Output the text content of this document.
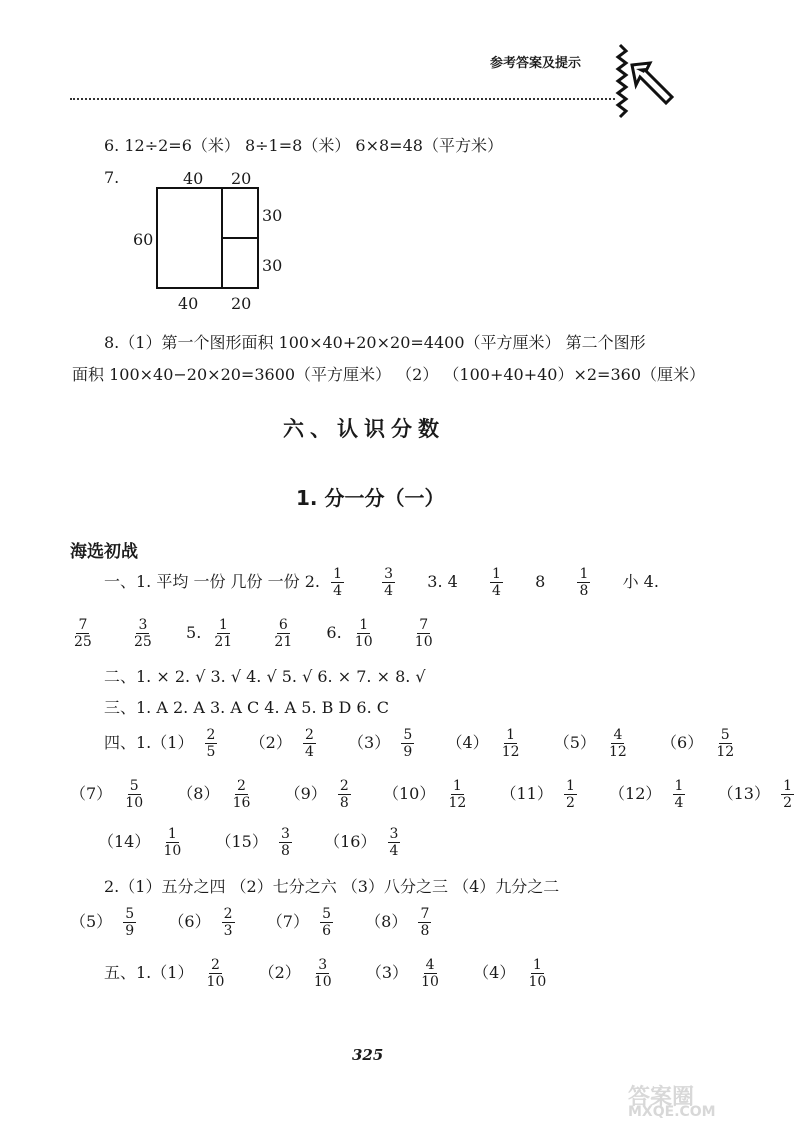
参考答案及提示
6. 12÷2=6（米） 8÷1=8（米） 6×8=48（平方米）
7.	40 20
60
30
30
40 20
8.（1）第一个图形面积 100×40+20×20=4400（平方厘米） 第二个图形
面积 100×40−20×20=3600（平方厘米） （2） （100+40+40）×2=360（厘米）
六、认识分数
1. 分一分（一）
海选初战
一、1. 平均 一份 几份 一份 2. $\frac{1}{4}$
	$\frac{3}{4} 3$. $4 \frac{1}{4} 8 \frac{1}{8}$ 小 4.
$\frac{7}{25}$
	$\frac{3}{25} 5$. $\frac{1}{21}$
	$\frac{6}{21} 6$. $\frac{1}{10}$
	$\frac{7}{10}$
二、1. × 2. √ 3. √ 4. √ 5. √ 6. × 7. × 8. √
三、1. A 2. A 3. A C 4. A 5. B D 6. C
四、$1.(1) \frac{2}{5} (2) \frac{2}{4} (3) \frac{5}{9} (4) \frac{1}{12} (5) \frac{4}{12} (6) \frac{5}{12}$
$(7) \frac{5}{10} (8) \frac{2}{16} (9) \frac{2}{8} (10) \frac{1}{12} (11) \frac{1}{2} (12) \frac{1}{4} (13) \frac{1}{2}$
$(14) \frac{1}{10} (15) \frac{3}{8} (16) \frac{3}{4}$
2.（1）五分之四 （2）七分之六 （3）八分之三 （4）九分之二
$(5) \frac{5}{9} (6) \frac{2}{3} (7) \frac{5}{6} (8) \frac{7}{8}$
五、$1.(1) \frac{2}{10} (2) \frac{3}{10} (3) \frac{4}{10} (4) \frac{1}{10}$
325
答案圈
MXQE.COM
